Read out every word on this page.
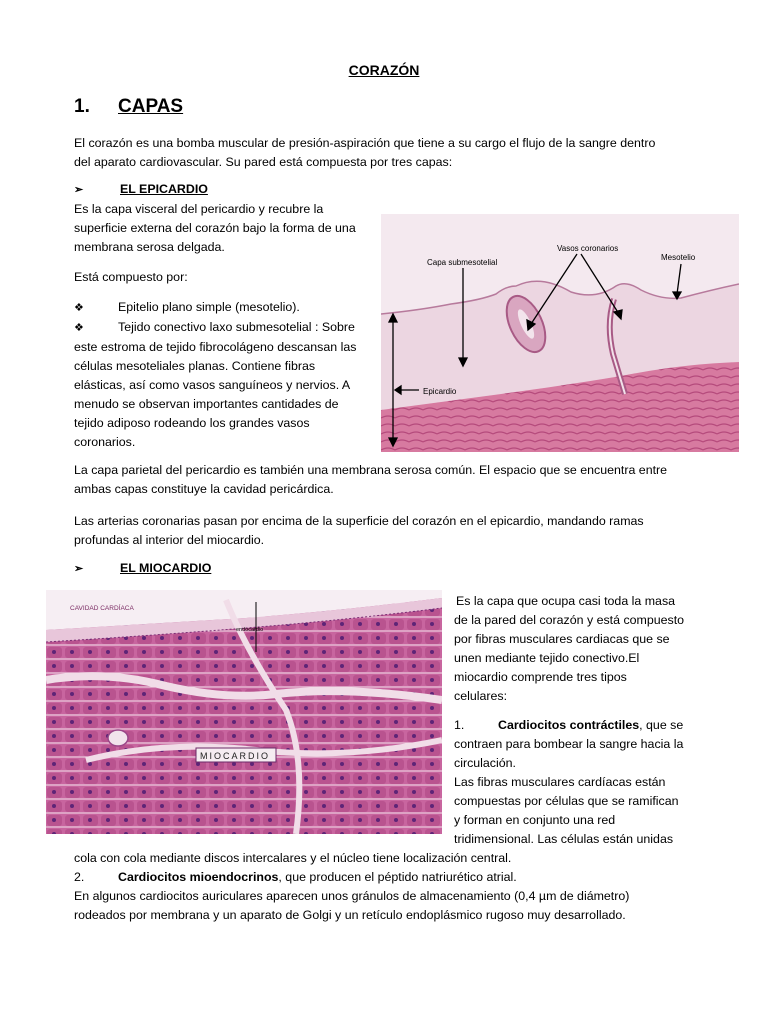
CORAZÓN
1. CAPAS

El corazón es una bomba muscular de presión-aspiración que tiene a su cargo el flujo de la sangre dentro

del aparato cardiovascular. Su pared está compuesta por tres capas:

➢	EL EPICARDIO

Es la capa visceral del pericardio y recubre la

superficie externa del corazón bajo la forma de una

membrana serosa delgada.

Está compuesto por:

❖	Epitelio plano simple (mesotelio).

❖	Tejido conectivo laxo submesotelial : Sobre

este estroma de tejido fibrocolágeno descansan las

células mesoteliales planas. Contiene fibras

elásticas, así como vasos sanguíneos y nervios. A

menudo se observan importantes cantidades de

tejido adiposo rodeando los grandes vasos

coronarios.

Capa submesotelial
Vasos coronarios
Mesotelio
Epicardio

La capa parietal del pericardio es también una membrana serosa común. El espacio que se encuentra entre

ambas capas constituye la cavidad pericárdica.

Las arterias coronarias pasan por encima de la superficie del corazón en el epicardio, mandando ramas

profundas al interior del miocardio.

➢	EL MIOCARDIO
CAVIDAD CARDÍACA
endocardio
MIOCARDIO

Es la capa que ocupa casi toda la masa

de la pared del corazón y está compuesto

por fibras musculares cardiacas que se

unen mediante tejido conectivo.El

miocardio comprende tres tipos

celulares:

1.	Cardiocitos contráctiles, que se

contraen para bombear la sangre hacia la

circulación.

Las fibras musculares cardíacas están

compuestas por células que se ramifican

y forman en conjunto una red

tridimensional. Las células están unidas

cola con cola mediante discos intercalares y el núcleo tiene localización central.

2.	Cardiocitos mioendocrinos, que producen el péptido natriurético atrial.

En algunos cardiocitos auriculares aparecen unos gránulos de almacenamiento (0,4 µm de diámetro)

rodeados por membrana y un aparato de Golgi y un retículo endoplásmico rugoso muy desarrollado.
